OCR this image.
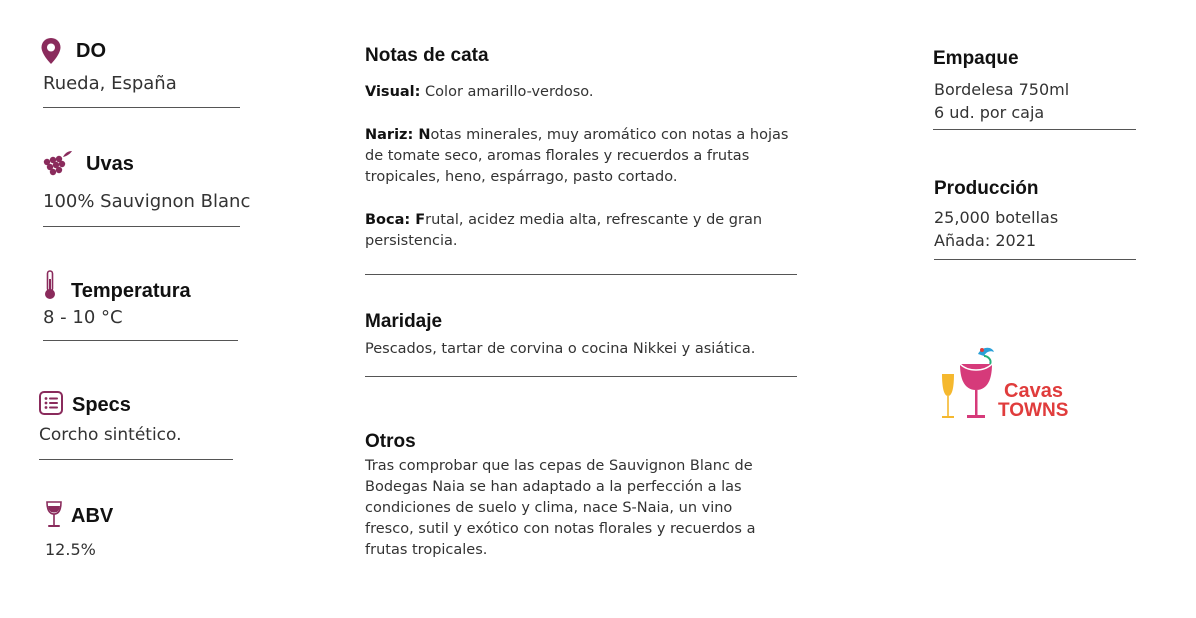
DO
Rueda, España
Uvas
100% Sauvignon Blanc
Temperatura
8 - 10 °C
Specs
Corcho sintético.
ABV
12.5%
Notas de cata
Visual: Color amarillo-verdoso.
Nariz: Notas minerales, muy aromático con notas a hojas de tomate seco, aromas florales y recuerdos a frutas tropicales, heno, espárrago, pasto cortado.
Boca: Frutal, acidez media alta, refrescante y de gran persistencia.
Maridaje
Pescados, tartar de corvina o cocina Nikkei y asiática.
Otros
Tras comprobar que las cepas de Sauvignon Blanc de Bodegas Naia se han adaptado a la perfección a las condiciones de suelo y clima, nace S-Naia, un vino fresco, sutil y exótico con notas florales y recuerdos a frutas tropicales.
Empaque
Bordelesa 750ml
6 ud. por caja
Producción
25,000 botellas
Añada: 2021
Cavas
TOWNS
